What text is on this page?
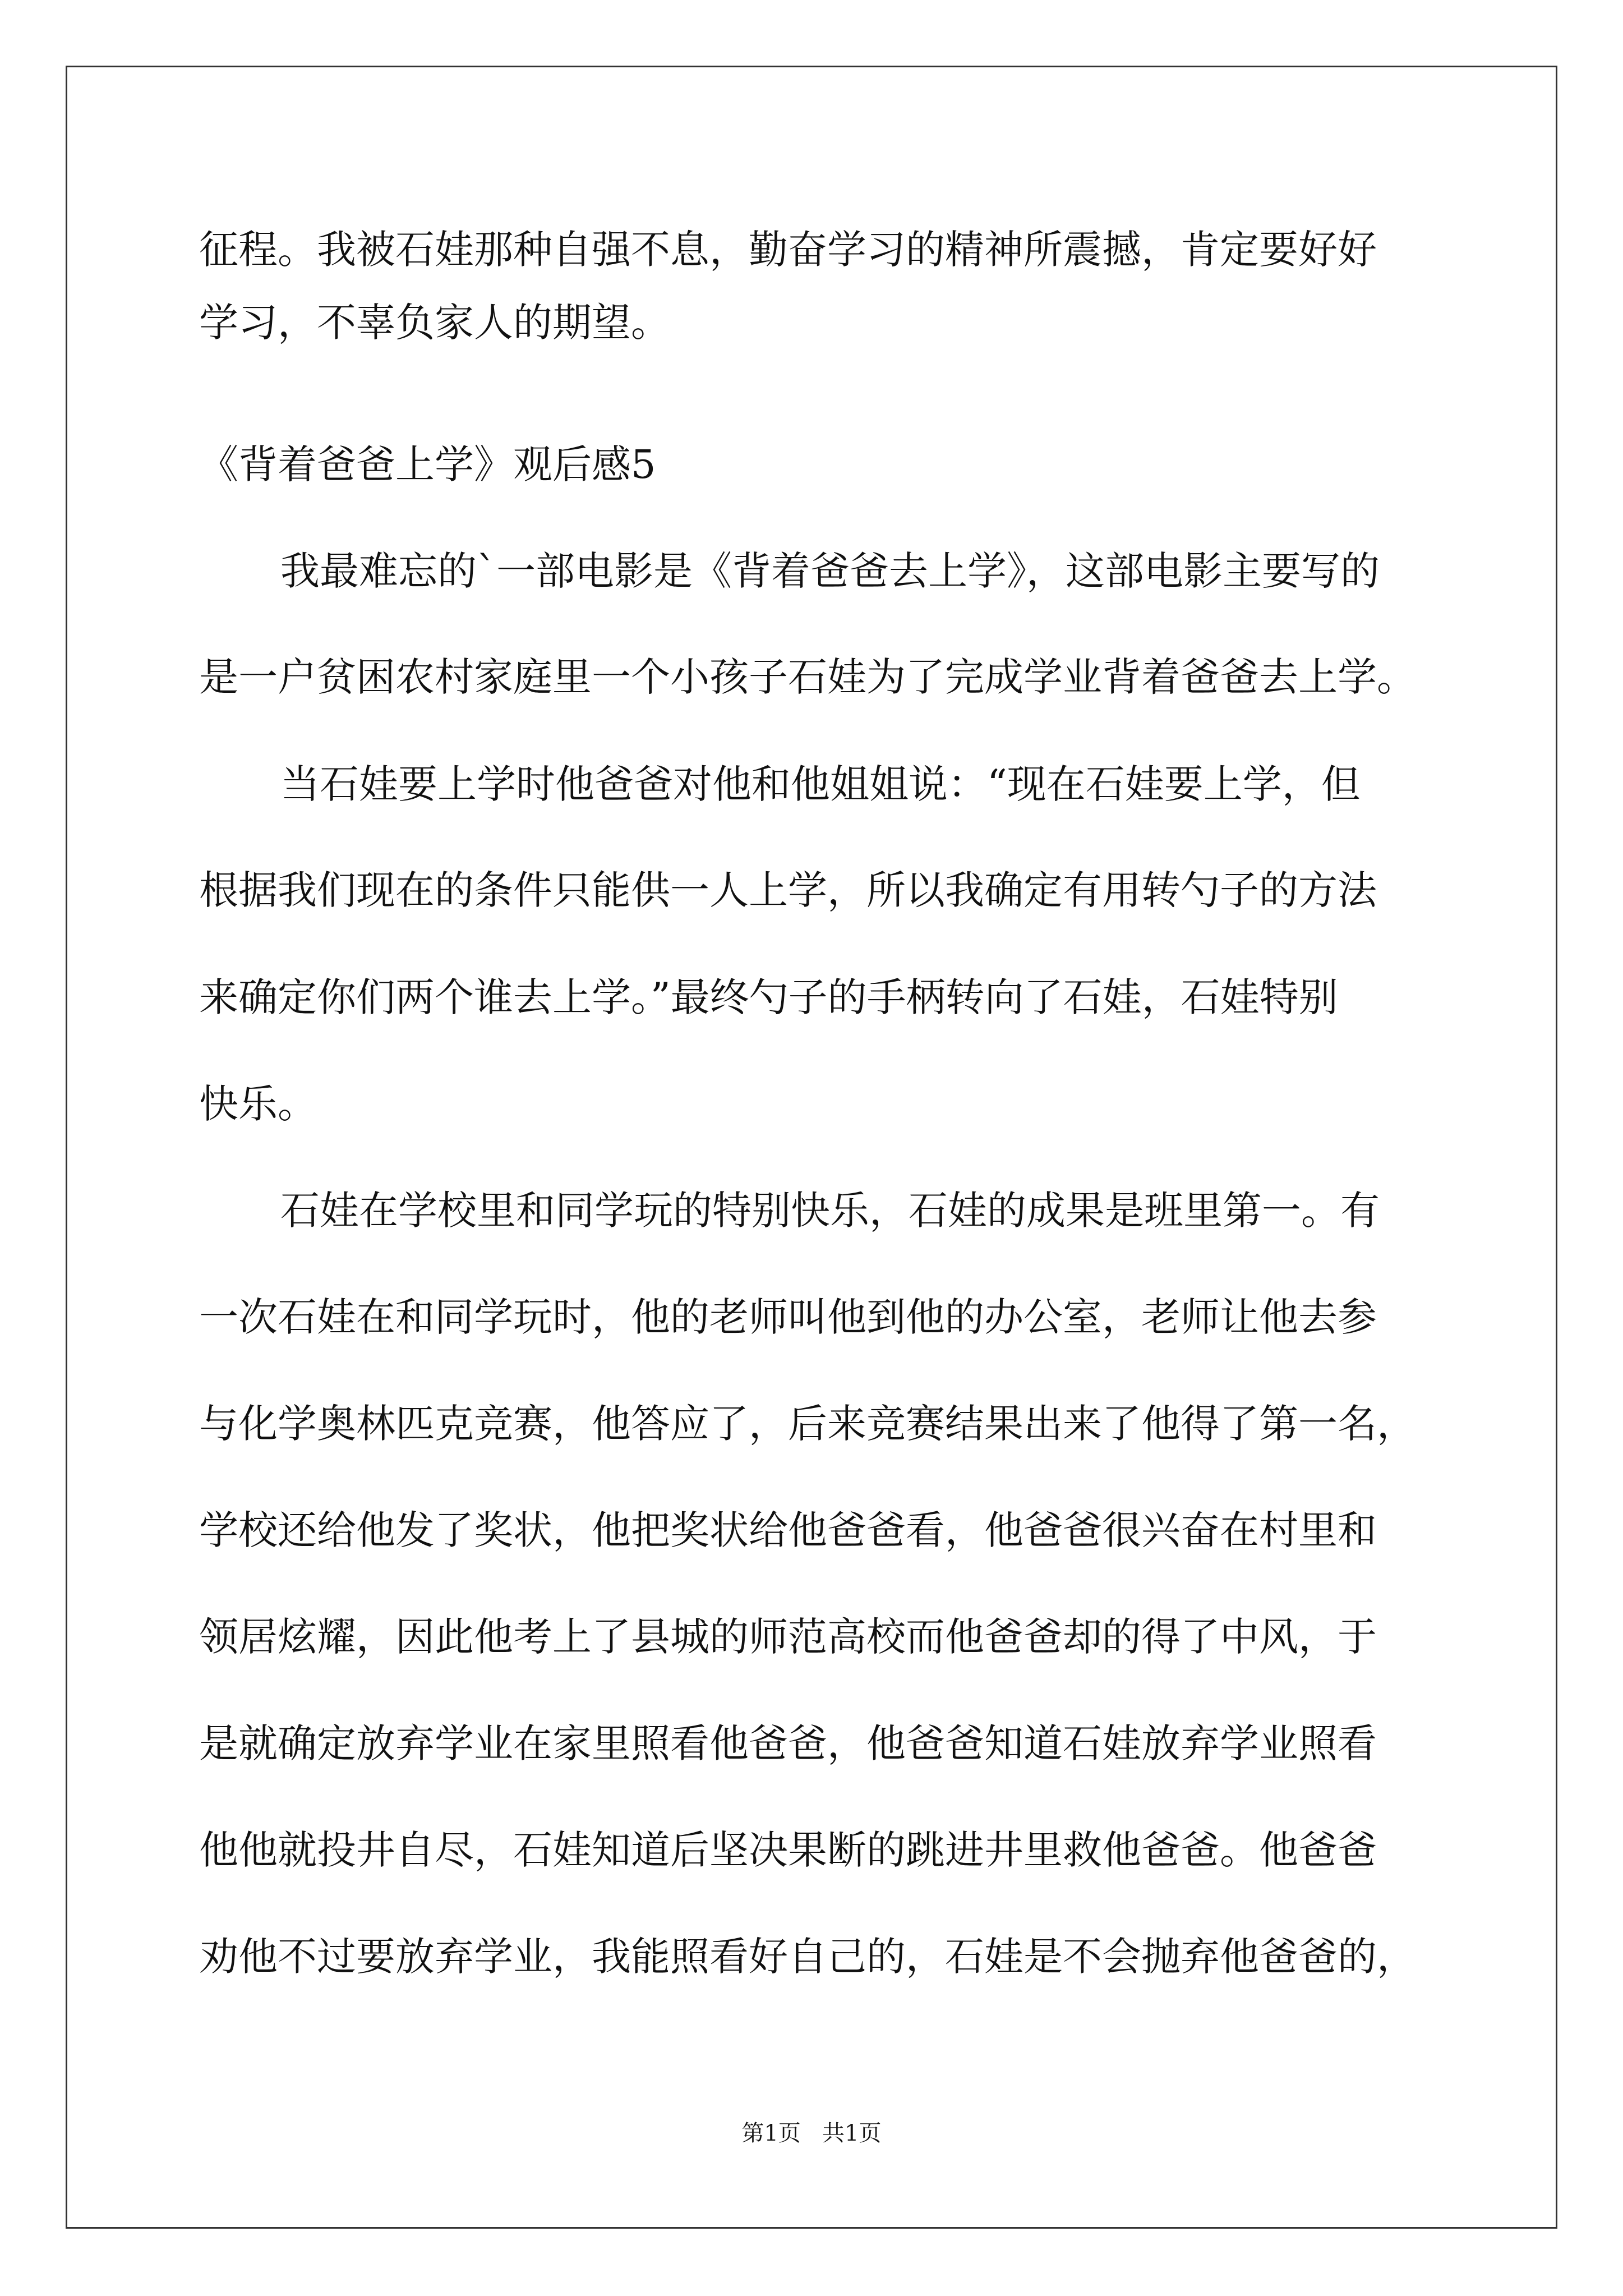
征程。我被石娃那种自强不息，勤奋学习的精神所震撼，肯定要好好
学习，不辜负家人的期望。
《背着爸爸上学》观后感5
我最难忘的`一部电影是《背着爸爸去上学》，这部电影主要写的
是一户贫困农村家庭里一个小孩子石娃为了完成学业背着爸爸去上学。
当石娃要上学时他爸爸对他和他姐姐说：“现在石娃要上学，但
根据我们现在的条件只能供一人上学，所以我确定有用转勺子的方法
来确定你们两个谁去上学。”最终勺子的手柄转向了石娃，石娃特别
快乐。
石娃在学校里和同学玩的特别快乐，石娃的成果是班里第一。有
一次石娃在和同学玩时，他的老师叫他到他的办公室，老师让他去参
与化学奥林匹克竞赛，他答应了，后来竞赛结果出来了他得了第一名，
学校还给他发了奖状，他把奖状给他爸爸看，他爸爸很兴奋在村里和
领居炫耀，因此他考上了县城的师范高校而他爸爸却的得了中风，于
是就确定放弃学业在家里照看他爸爸，他爸爸知道石娃放弃学业照看
他他就投井自尽，石娃知道后坚决果断的跳进井里救他爸爸。他爸爸
劝他不过要放弃学业，我能照看好自己的，石娃是不会抛弃他爸爸的，
第1页   共1页
